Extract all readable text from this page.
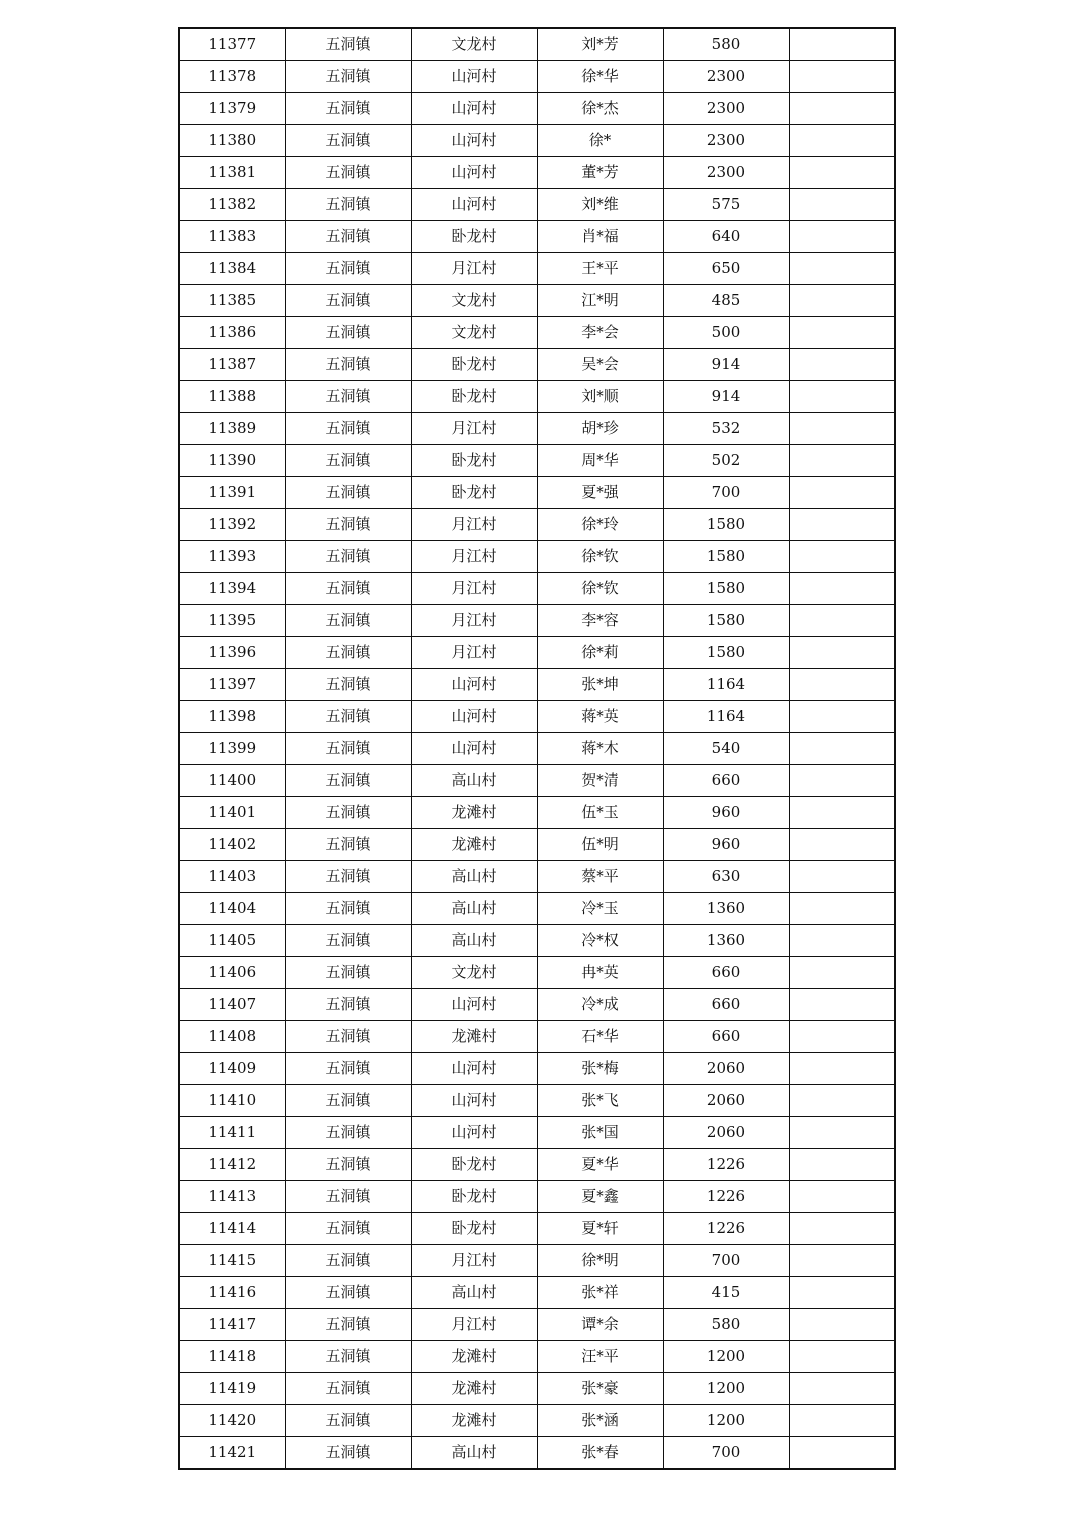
11377	五洞镇	文龙村	刘*芳	580	
11378	五洞镇	山河村	徐*华	2300	
11379	五洞镇	山河村	徐*杰	2300	
11380	五洞镇	山河村	徐*	2300	
11381	五洞镇	山河村	董*芳	2300	
11382	五洞镇	山河村	刘*维	575	
11383	五洞镇	卧龙村	肖*福	640	
11384	五洞镇	月江村	王*平	650	
11385	五洞镇	文龙村	江*明	485	
11386	五洞镇	文龙村	李*会	500	
11387	五洞镇	卧龙村	吴*会	914	
11388	五洞镇	卧龙村	刘*顺	914	
11389	五洞镇	月江村	胡*珍	532	
11390	五洞镇	卧龙村	周*华	502	
11391	五洞镇	卧龙村	夏*强	700	
11392	五洞镇	月江村	徐*玲	1580	
11393	五洞镇	月江村	徐*钦	1580	
11394	五洞镇	月江村	徐*钦	1580	
11395	五洞镇	月江村	李*容	1580	
11396	五洞镇	月江村	徐*莉	1580	
11397	五洞镇	山河村	张*坤	1164	
11398	五洞镇	山河村	蒋*英	1164	
11399	五洞镇	山河村	蒋*木	540	
11400	五洞镇	高山村	贺*清	660	
11401	五洞镇	龙滩村	伍*玉	960	
11402	五洞镇	龙滩村	伍*明	960	
11403	五洞镇	高山村	蔡*平	630	
11404	五洞镇	高山村	冷*玉	1360	
11405	五洞镇	高山村	冷*权	1360	
11406	五洞镇	文龙村	冉*英	660	
11407	五洞镇	山河村	冷*成	660	
11408	五洞镇	龙滩村	石*华	660	
11409	五洞镇	山河村	张*梅	2060	
11410	五洞镇	山河村	张*飞	2060	
11411	五洞镇	山河村	张*国	2060	
11412	五洞镇	卧龙村	夏*华	1226	
11413	五洞镇	卧龙村	夏*鑫	1226	
11414	五洞镇	卧龙村	夏*轩	1226	
11415	五洞镇	月江村	徐*明	700	
11416	五洞镇	高山村	张*祥	415	
11417	五洞镇	月江村	谭*余	580	
11418	五洞镇	龙滩村	汪*平	1200	
11419	五洞镇	龙滩村	张*豪	1200	
11420	五洞镇	龙滩村	张*涵	1200	
11421	五洞镇	高山村	张*春	700	
